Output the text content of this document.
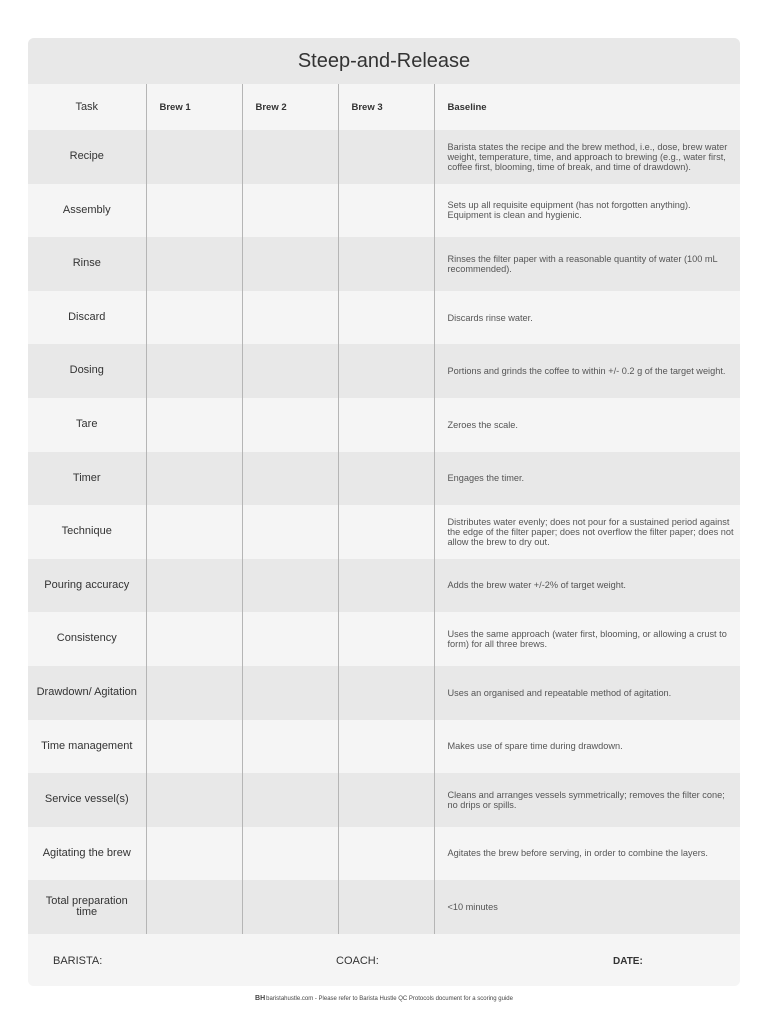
Steep-and-Release
Task	Brew 1	Brew 2	Brew 3	Baseline
Recipe				Barista states the recipe and the brew method, i.e., dose, brew water weight, temperature, time, and approach to brewing (e.g., water first, coffee first, blooming, time of break, and time of drawdown).
Assembly				Sets up all requisite equipment (has not forgotten anything). Equipment is clean and hygienic.
Rinse				Rinses the filter paper with a reasonable quantity of water (100 mL recommended).
Discard				Discards rinse water.
Dosing				Portions and grinds the coffee to within +/- 0.2 g of the target weight.
Tare				Zeroes the scale.
Timer				Engages the timer.
Technique				Distributes water evenly; does not pour for a sustained period against the edge of the filter paper; does not overflow the filter paper; does not allow the brew to dry out.
Pouring accuracy				Adds the brew water +/-2% of target weight.
Consistency				Uses the same approach (water first, blooming, or allowing a crust to form) for all three brews.
Drawdown/ Agitation				Uses an organised and repeatable method of agitation.
Time management				Makes use of spare time during drawdown.
Service vessel(s)				Cleans and arranges vessels symmetrically; removes the filter cone; no drips or spills.
Agitating the brew				Agitates the brew before serving, in order to combine the layers.
Total preparation time				<10 minutes
BARISTA:	COACH:	DATE:
BHbaristahustle.com - Please refer to Barista Hustle QC Protocols document for a scoring guide
